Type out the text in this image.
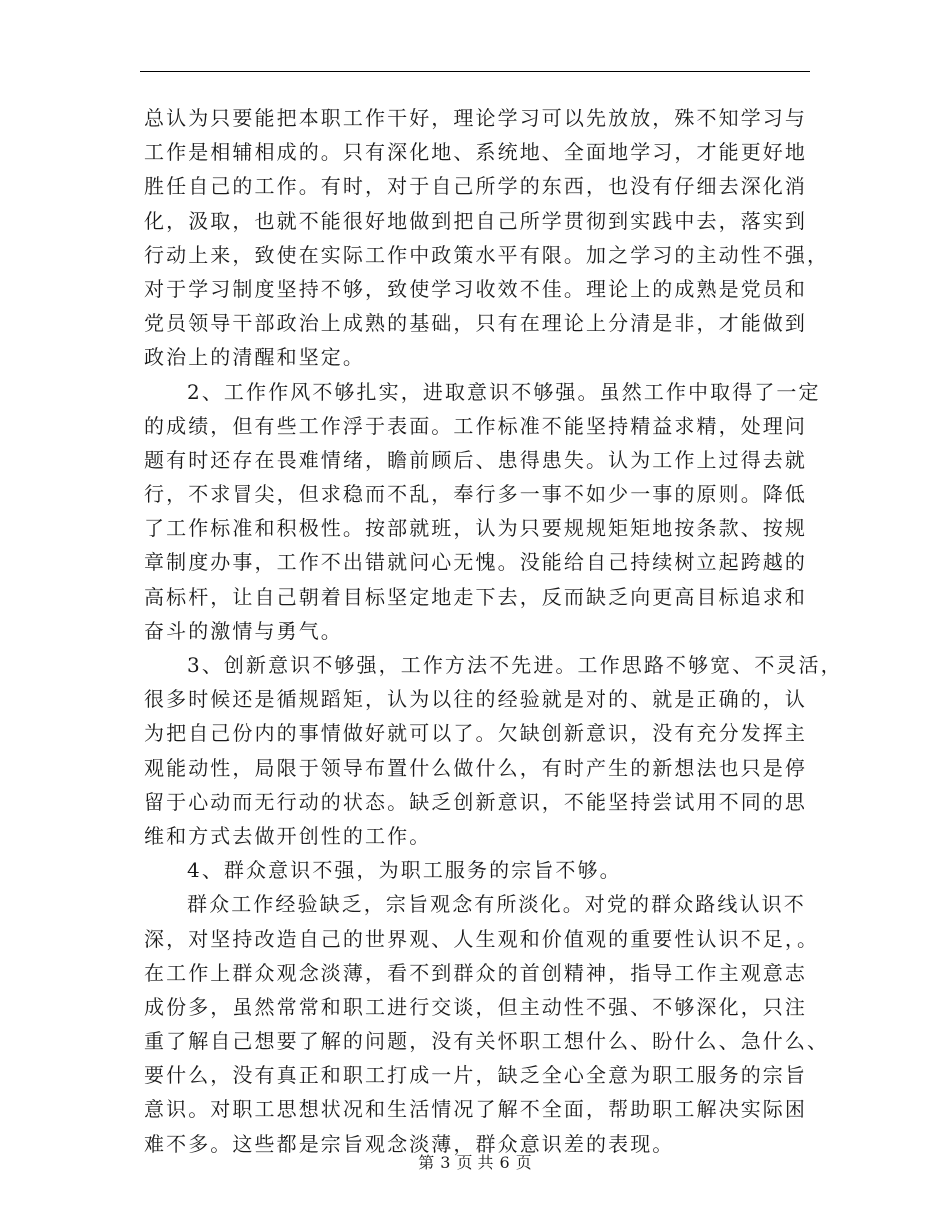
总认为只要能把本职工作干好，理论学习可以先放放，殊不知学习与
工作是相辅相成的。只有深化地、系统地、全面地学习，才能更好地
胜任自己的工作。有时，对于自己所学的东西，也没有仔细去深化消
化，汲取，也就不能很好地做到把自己所学贯彻到实践中去，落实到
行动上来，致使在实际工作中政策水平有限。加之学习的主动性不强，
对于学习制度坚持不够，致使学习收效不佳。理论上的成熟是党员和
党员领导干部政治上成熟的基础，只有在理论上分清是非，才能做到
政治上的清醒和坚定。
2、工作作风不够扎实，进取意识不够强。虽然工作中取得了一定
的成绩，但有些工作浮于表面。工作标准不能坚持精益求精，处理问
题有时还存在畏难情绪，瞻前顾后、患得患失。认为工作上过得去就
行，不求冒尖，但求稳而不乱，奉行多一事不如少一事的原则。降低
了工作标准和积极性。按部就班，认为只要规规矩矩地按条款、按规
章制度办事，工作不出错就问心无愧。没能给自己持续树立起跨越的
高标杆，让自己朝着目标坚定地走下去，反而缺乏向更高目标追求和
奋斗的激情与勇气。
3、创新意识不够强，工作方法不先进。工作思路不够宽、不灵活，
很多时候还是循规蹈矩，认为以往的经验就是对的、就是正确的，认
为把自己份内的事情做好就可以了。欠缺创新意识，没有充分发挥主
观能动性，局限于领导布置什么做什么，有时产生的新想法也只是停
留于心动而无行动的状态。缺乏创新意识，不能坚持尝试用不同的思
维和方式去做开创性的工作。
4、群众意识不强，为职工服务的宗旨不够。
群众工作经验缺乏，宗旨观念有所淡化。对党的群众路线认识不
深，对坚持改造自己的世界观、人生观和价值观的重要性认识不足，。
在工作上群众观念淡薄，看不到群众的首创精神，指导工作主观意志
成份多，虽然常常和职工进行交谈，但主动性不强、不够深化，只注
重了解自己想要了解的问题，没有关怀职工想什么、盼什么、急什么、
要什么，没有真正和职工打成一片，缺乏全心全意为职工服务的宗旨
意识。对职工思想状况和生活情况了解不全面，帮助职工解决实际困
难不多。这些都是宗旨观念淡薄，群众意识差的表现。
第 3 页 共 6 页
